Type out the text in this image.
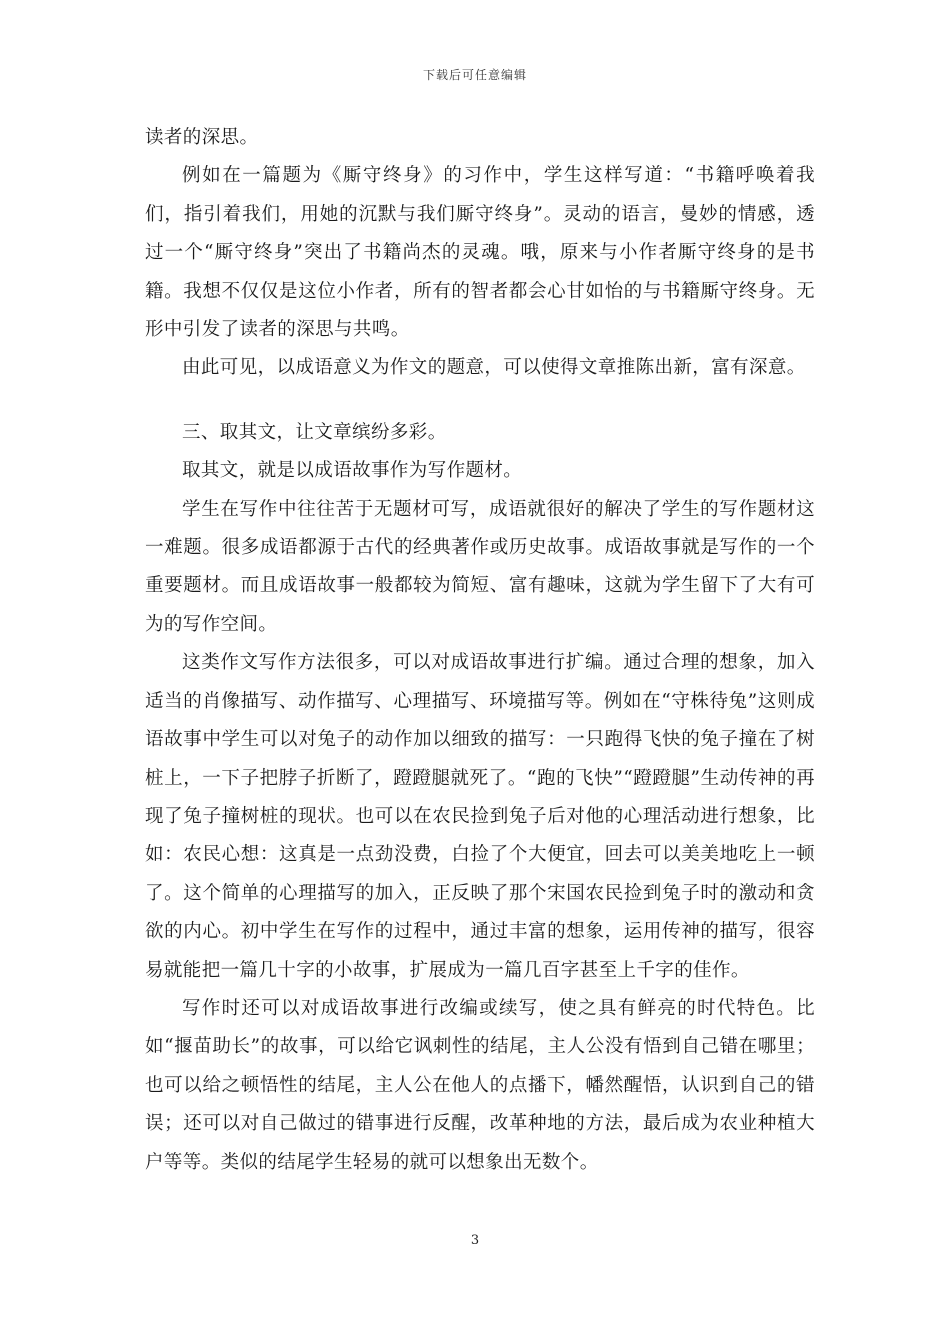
下载后可任意编辑

读者的深思。

例如在一篇题为《厮守终身》的习作中，学生这样写道：“书籍呼唤着我们，指引着我们，用她的沉默与我们厮守终身”。灵动的语言，曼妙的情感，透过一个“厮守终身”突出了书籍尚杰的灵魂。哦，原来与小作者厮守终身的是书籍。我想不仅仅是这位小作者，所有的智者都会心甘如怡的与书籍厮守终身。无形中引发了读者的深思与共鸣。

由此可见，以成语意义为作文的题意，可以使得文章推陈出新，富有深意。

三、取其文，让文章缤纷多彩。

取其文，就是以成语故事作为写作题材。

学生在写作中往往苦于无题材可写，成语就很好的解决了学生的写作题材这一难题。很多成语都源于古代的经典著作或历史故事。成语故事就是写作的一个重要题材。而且成语故事一般都较为简短、富有趣味，这就为学生留下了大有可为的写作空间。

这类作文写作方法很多，可以对成语故事进行扩编。通过合理的想象，加入适当的肖像描写、动作描写、心理描写、环境描写等。例如在“守株待兔”这则成语故事中学生可以对兔子的动作加以细致的描写：一只跑得飞快的兔子撞在了树桩上，一下子把脖子折断了，蹬蹬腿就死了。“跑的飞快”“蹬蹬腿”生动传神的再现了兔子撞树桩的现状。也可以在农民捡到兔子后对他的心理活动进行想象，比如：农民心想：这真是一点劲没费，白捡了个大便宜，回去可以美美地吃上一顿了。这个简单的心理描写的加入，正反映了那个宋国农民捡到兔子时的激动和贪欲的内心。初中学生在写作的过程中，通过丰富的想象，运用传神的描写，很容易就能把一篇几十字的小故事，扩展成为一篇几百字甚至上千字的佳作。

写作时还可以对成语故事进行改编或续写，使之具有鲜亮的时代特色。比如“揠苗助长”的故事，可以给它讽刺性的结尾，主人公没有悟到自己错在哪里；也可以给之顿悟性的结尾，主人公在他人的点播下，幡然醒悟，认识到自己的错误；还可以对自己做过的错事进行反醒，改革种地的方法，最后成为农业种植大户等等。类似的结尾学生轻易的就可以想象出无数个。

3
